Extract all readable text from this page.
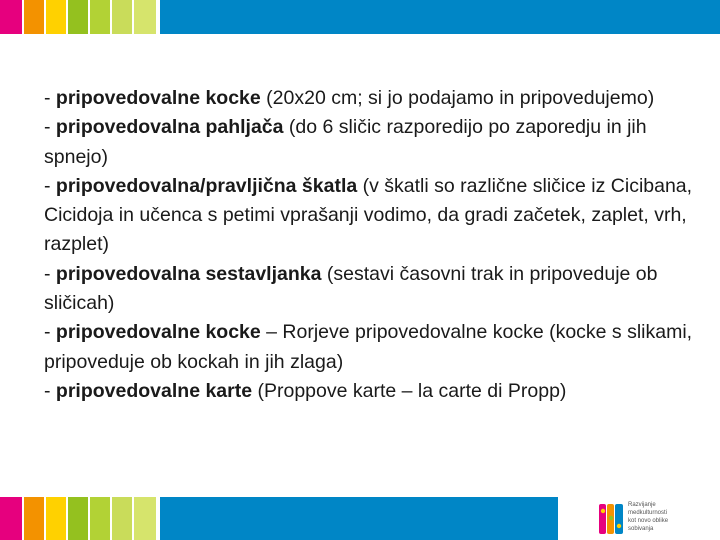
- pripovedovalne kocke (20x20 cm; si jo podajamo in pripovedujemo)

- pripovedovalna pahljača (do 6 sličic razporedijo po zaporedju in jih spnejo)

- pripovedovalna/pravljična škatla (v škatli so različne sličice iz Cicibana, Cicidoja in učenca s petimi vprašanji vodimo, da gradi začetek, zaplet, vrh, razplet)

- pripovedovalna sestavljanka (sestavi časovni trak in pripoveduje ob sličicah)

- pripovedovalne kocke – Rorjeve pripovedovalne kocke (kocke s slikami, pripoveduje ob kockah in jih zlaga)

- pripovedovalne karte (Proppove karte – la carte di Propp)

Razvijanje
medkulturnosti
kot novo oblike
sobivanja
